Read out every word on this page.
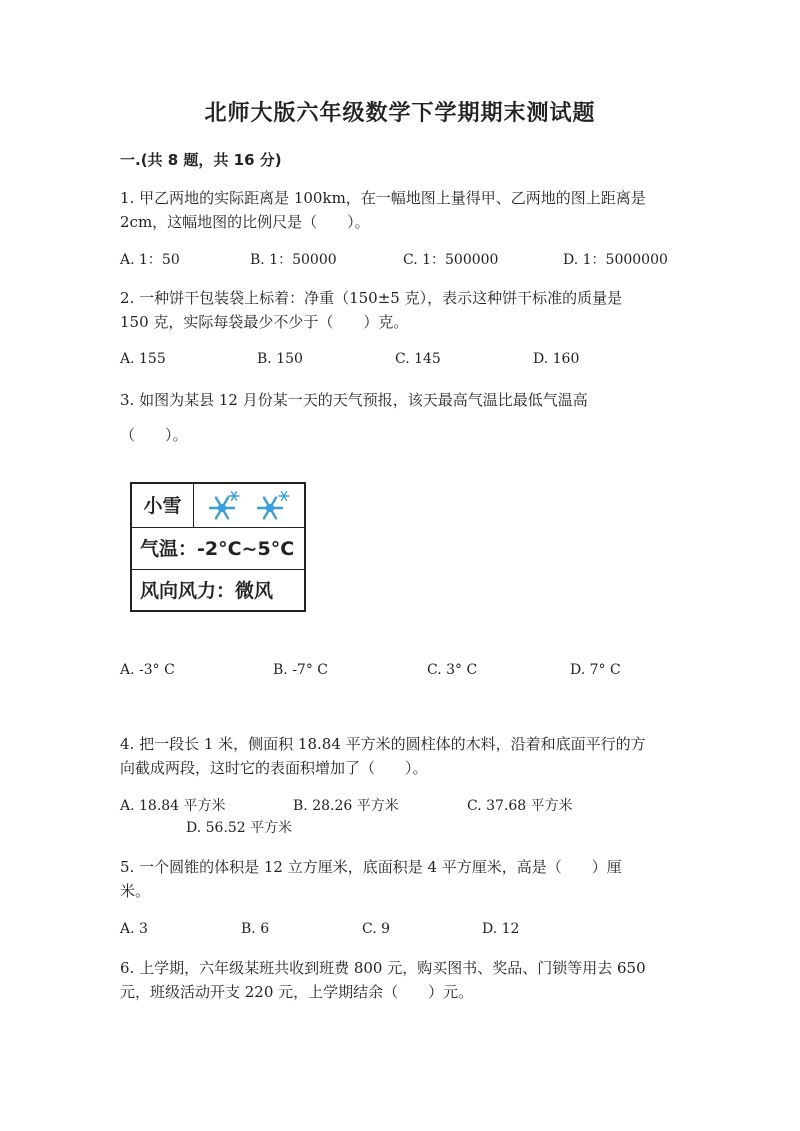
北师大版六年级数学下学期期末测试题
一.(共 8 题，共 16 分)
1. 甲乙两地的实际距离是 100km，在一幅地图上量得甲、乙两地的图上距离是
2cm，这幅地图的比例尺是（　　）。
A. 1：50	B. 1：50000	C. 1：500000	D. 1：5000000
2. 一种饼干包装袋上标着：净重（150±5 克），表示这种饼干标准的质量是
150 克，实际每袋最少不少于（　　）克。
A. 155	B. 150	C. 145	D. 160
3. 如图为某县 12 月份某一天的天气预报，该天最高气温比最低气温高
（　　）。
小雪
气温：-2°C~5°C
风向风力：微风
A. -3° C	B. -7° C	C. 3° C	D. 7° C
4. 把一段长 1 米，侧面积 18.84 平方米的圆柱体的木料，沿着和底面平行的方
向截成两段，这时它的表面积增加了（　　）。
A. 18.84 平方米	B. 28.26 平方米	C. 37.68 平方米
D. 56.52 平方米
5. 一个圆锥的体积是 12 立方厘米，底面积是 4 平方厘米，高是（　　）厘
米。
A. 3	B. 6	C. 9	D. 12
6. 上学期，六年级某班共收到班费 800 元，购买图书、奖品、门锁等用去 650
元，班级活动开支 220 元，上学期结余（　　）元。
